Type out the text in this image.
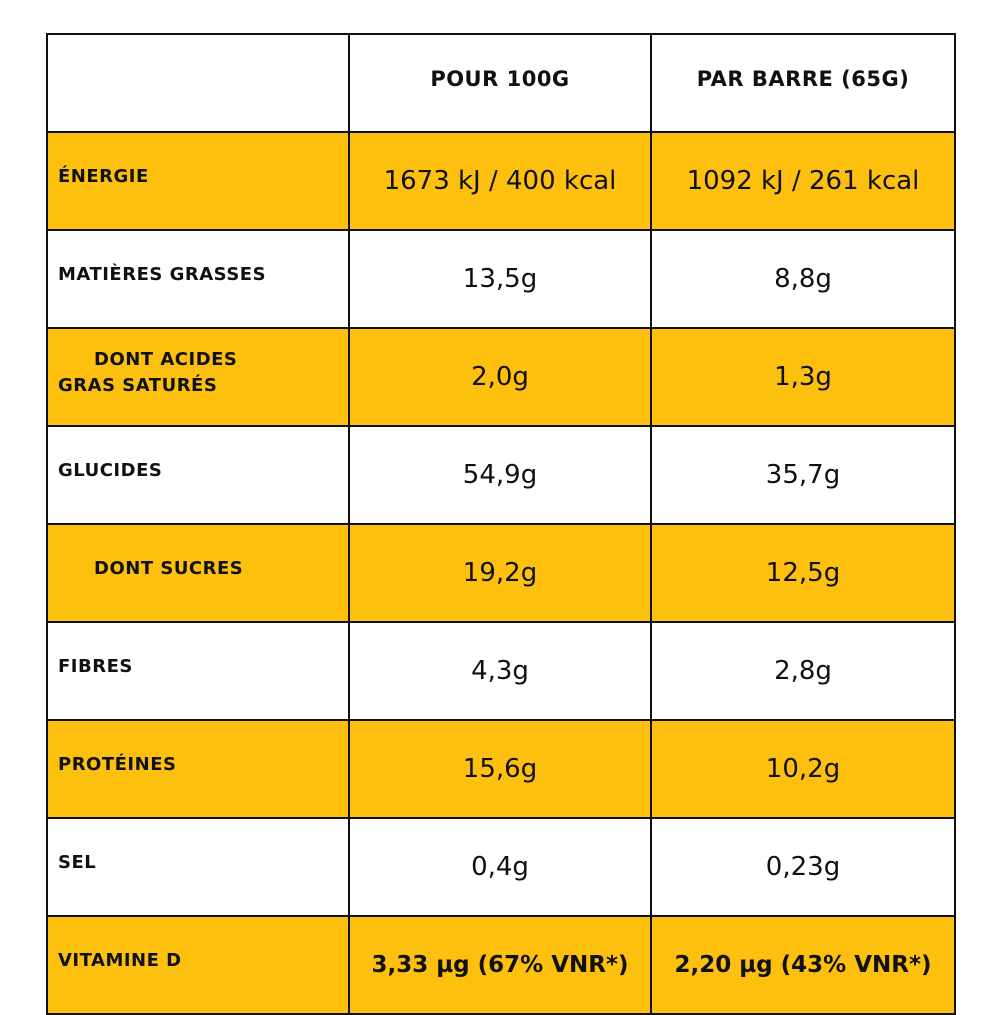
	POUR 100G	PAR BARRE (65G)
ÉNERGIE	1673 kJ / 400 kcal	1092 kJ / 261 kcal
MATIÈRES GRASSES	13,5g	8,8g
DONT ACIDES
GRAS SATURÉS	2,0g	1,3g
GLUCIDES	54,9g	35,7g
DONT SUCRES	19,2g	12,5g
FIBRES	4,3g	2,8g
PROTÉINES	15,6g	10,2g
SEL	0,4g	0,23g
VITAMINE D	3,33 µg (67% VNR*)	2,20 µg (43% VNR*)
